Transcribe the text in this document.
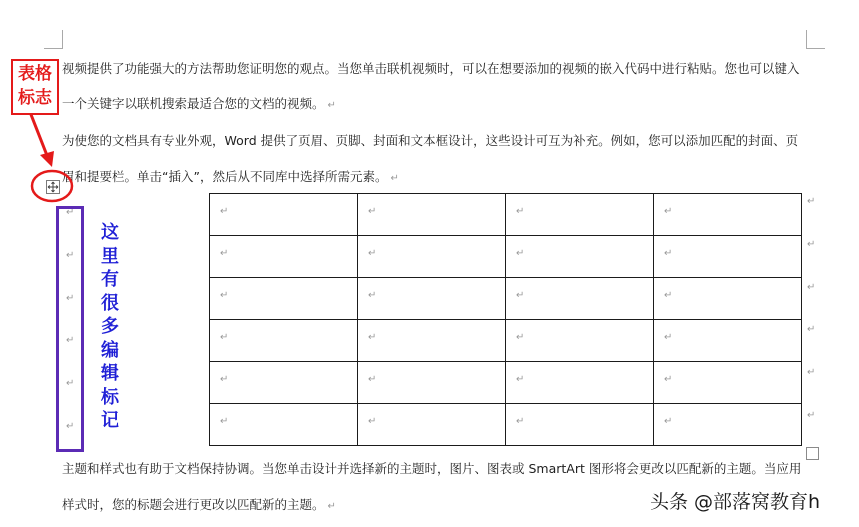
视频提供了功能强大的方法帮助您证明您的观点。当您单击联机视频时，可以在想要添加的视频的嵌入代码中进行粘贴。您也可以键入
一个关键字以联机搜索最适合您的文档的视频。 ↵
为使您的文档具有专业外观，Word 提供了页眉、页脚、封面和文本框设计，这些设计可互为补充。例如，您可以添加匹配的封面、页
眉和提要栏。单击“插入”，然后从不同库中选择所需元素。 ↵
↵	↵	↵	↵
↵	↵	↵	↵
↵	↵	↵	↵
↵	↵	↵	↵
↵	↵	↵	↵
↵	↵	↵	↵
↵
↵
↵
↵
↵
↵
↵
↵
↵
↵
↵
↵
主题和样式也有助于文档保持协调。当您单击设计并选择新的主题时，图片、图表或 SmartArt 图形将会更改以匹配新的主题。当应用
样式时，您的标题会进行更改以匹配新的主题。 ↵
表格
标志
这
里
有
很
多
编
辑
标
记
头条 @部落窝教育h
